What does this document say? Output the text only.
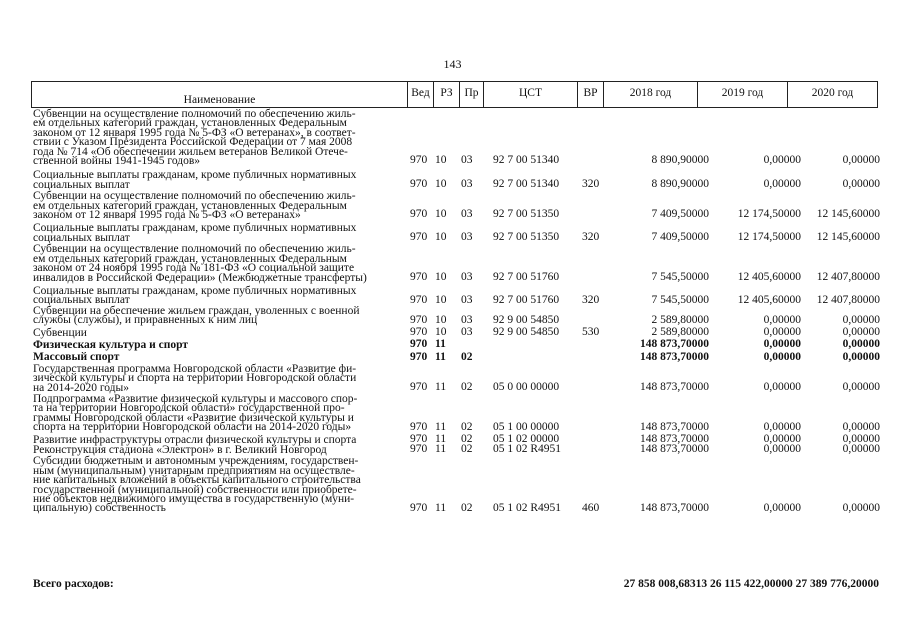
143
Наименование
Вед РЗ	Пр	ЦСТ	ВР	2018 год	2019 год	2020 год
Субвенции на осуществление полномочий по обеспечению жиль-
ем отдельных категорий граждан, установленных Федеральным
законом от 12 января 1995 года № 5-ФЗ «О ветеранах», в соответ-
ствии с Указом Президента Российской Федерации от 7 мая 2008
года № 714 «Об обеспечении жильем ветеранов Великой Отече-
ственной войны 1941-1945 годов»	970 10 03 92 7 00 51340	8 890,90000	0,00000	0,00000
Социальные выплаты гражданам, кроме публичных нормативных
социальных выплат	970 10 03 92 7 00 51340 320	8 890,90000	0,00000	0,00000
Субвенции на осуществление полномочий по обеспечению жиль-
ем отдельных категорий граждан, установленных Федеральным
законом от 12 января 1995 года № 5-ФЗ «О ветеранах»	970 10 03 92 7 00 51350	7 409,50000	12 174,50000 12 145,60000
Социальные выплаты гражданам, кроме публичных нормативных
социальных выплат	970 10 03 92 7 00 51350 320	7 409,50000	12 174,50000 12 145,60000
Субвенции на осуществление полномочий по обеспечению жиль-
ем отдельных категорий граждан, установленных Федеральным
законом от 24 ноября 1995 года № 181-ФЗ «О социальной защите
инвалидов в Российской Федерации» (Межбюджетные трансферты)	970 10 03 92 7 00 51760	7 545,50000	12 405,60000 12 407,80000
Социальные выплаты гражданам, кроме публичных нормативных
социальных выплат	970 10 03 92 7 00 51760 320	7 545,50000	12 405,60000 12 407,80000
Субвенции на обеспечение жильем граждан, уволенных с военной
службы (службы), и приравненных к ним лиц	970 10 03 92 9 00 54850	2 589,80000	0,00000	0,00000
Субвенции	970 10 03 92 9 00 54850 530	2 589,80000	0,00000	0,00000
Физическая культура и спорт	970 11	148 873,70000	0,00000	0,00000
Массовый спорт	970 11 02	148 873,70000	0,00000	0,00000
Государственная программа Новгородской области «Развитие фи-
зической культуры и спорта на территории Новгородской области
на 2014-2020 годы»	970 11 02 05 0 00 00000	148 873,70000	0,00000	0,00000
Подпрограмма «Развитие физической культуры и массового спор-
та на территории Новгородской области» государственной про-
граммы Новгородской области «Развитие физической культуры и
спорта на территории Новгородской области на 2014-2020 годы»	970 11 02 05 1 00 00000	148 873,70000	0,00000	0,00000
Развитие инфраструктуры отрасли физической культуры и спорта	970 11 02 05 1 02 00000	148 873,70000	0,00000	0,00000
Реконструкция стадиона «Электрон» в г. Великий Новгород	970 11 02 05 1 02 R4951	148 873,70000	0,00000	0,00000
Субсидии бюджетным и автономным учреждениям, государствен-
ным (муниципальным) унитарным предприятиям на осуществле-
ние капитальных вложений в объекты капитального строительства
государственной (муниципальной) собственности или приобрете-
ние объектов недвижимого имущества в государственную (муни-
ципальную) собственность	970 11 02 05 1 02 R4951 460	148 873,70000	0,00000	0,00000
Всего расходов:	27 858 008,68313 26 115 422,00000 27 389 776,20000
